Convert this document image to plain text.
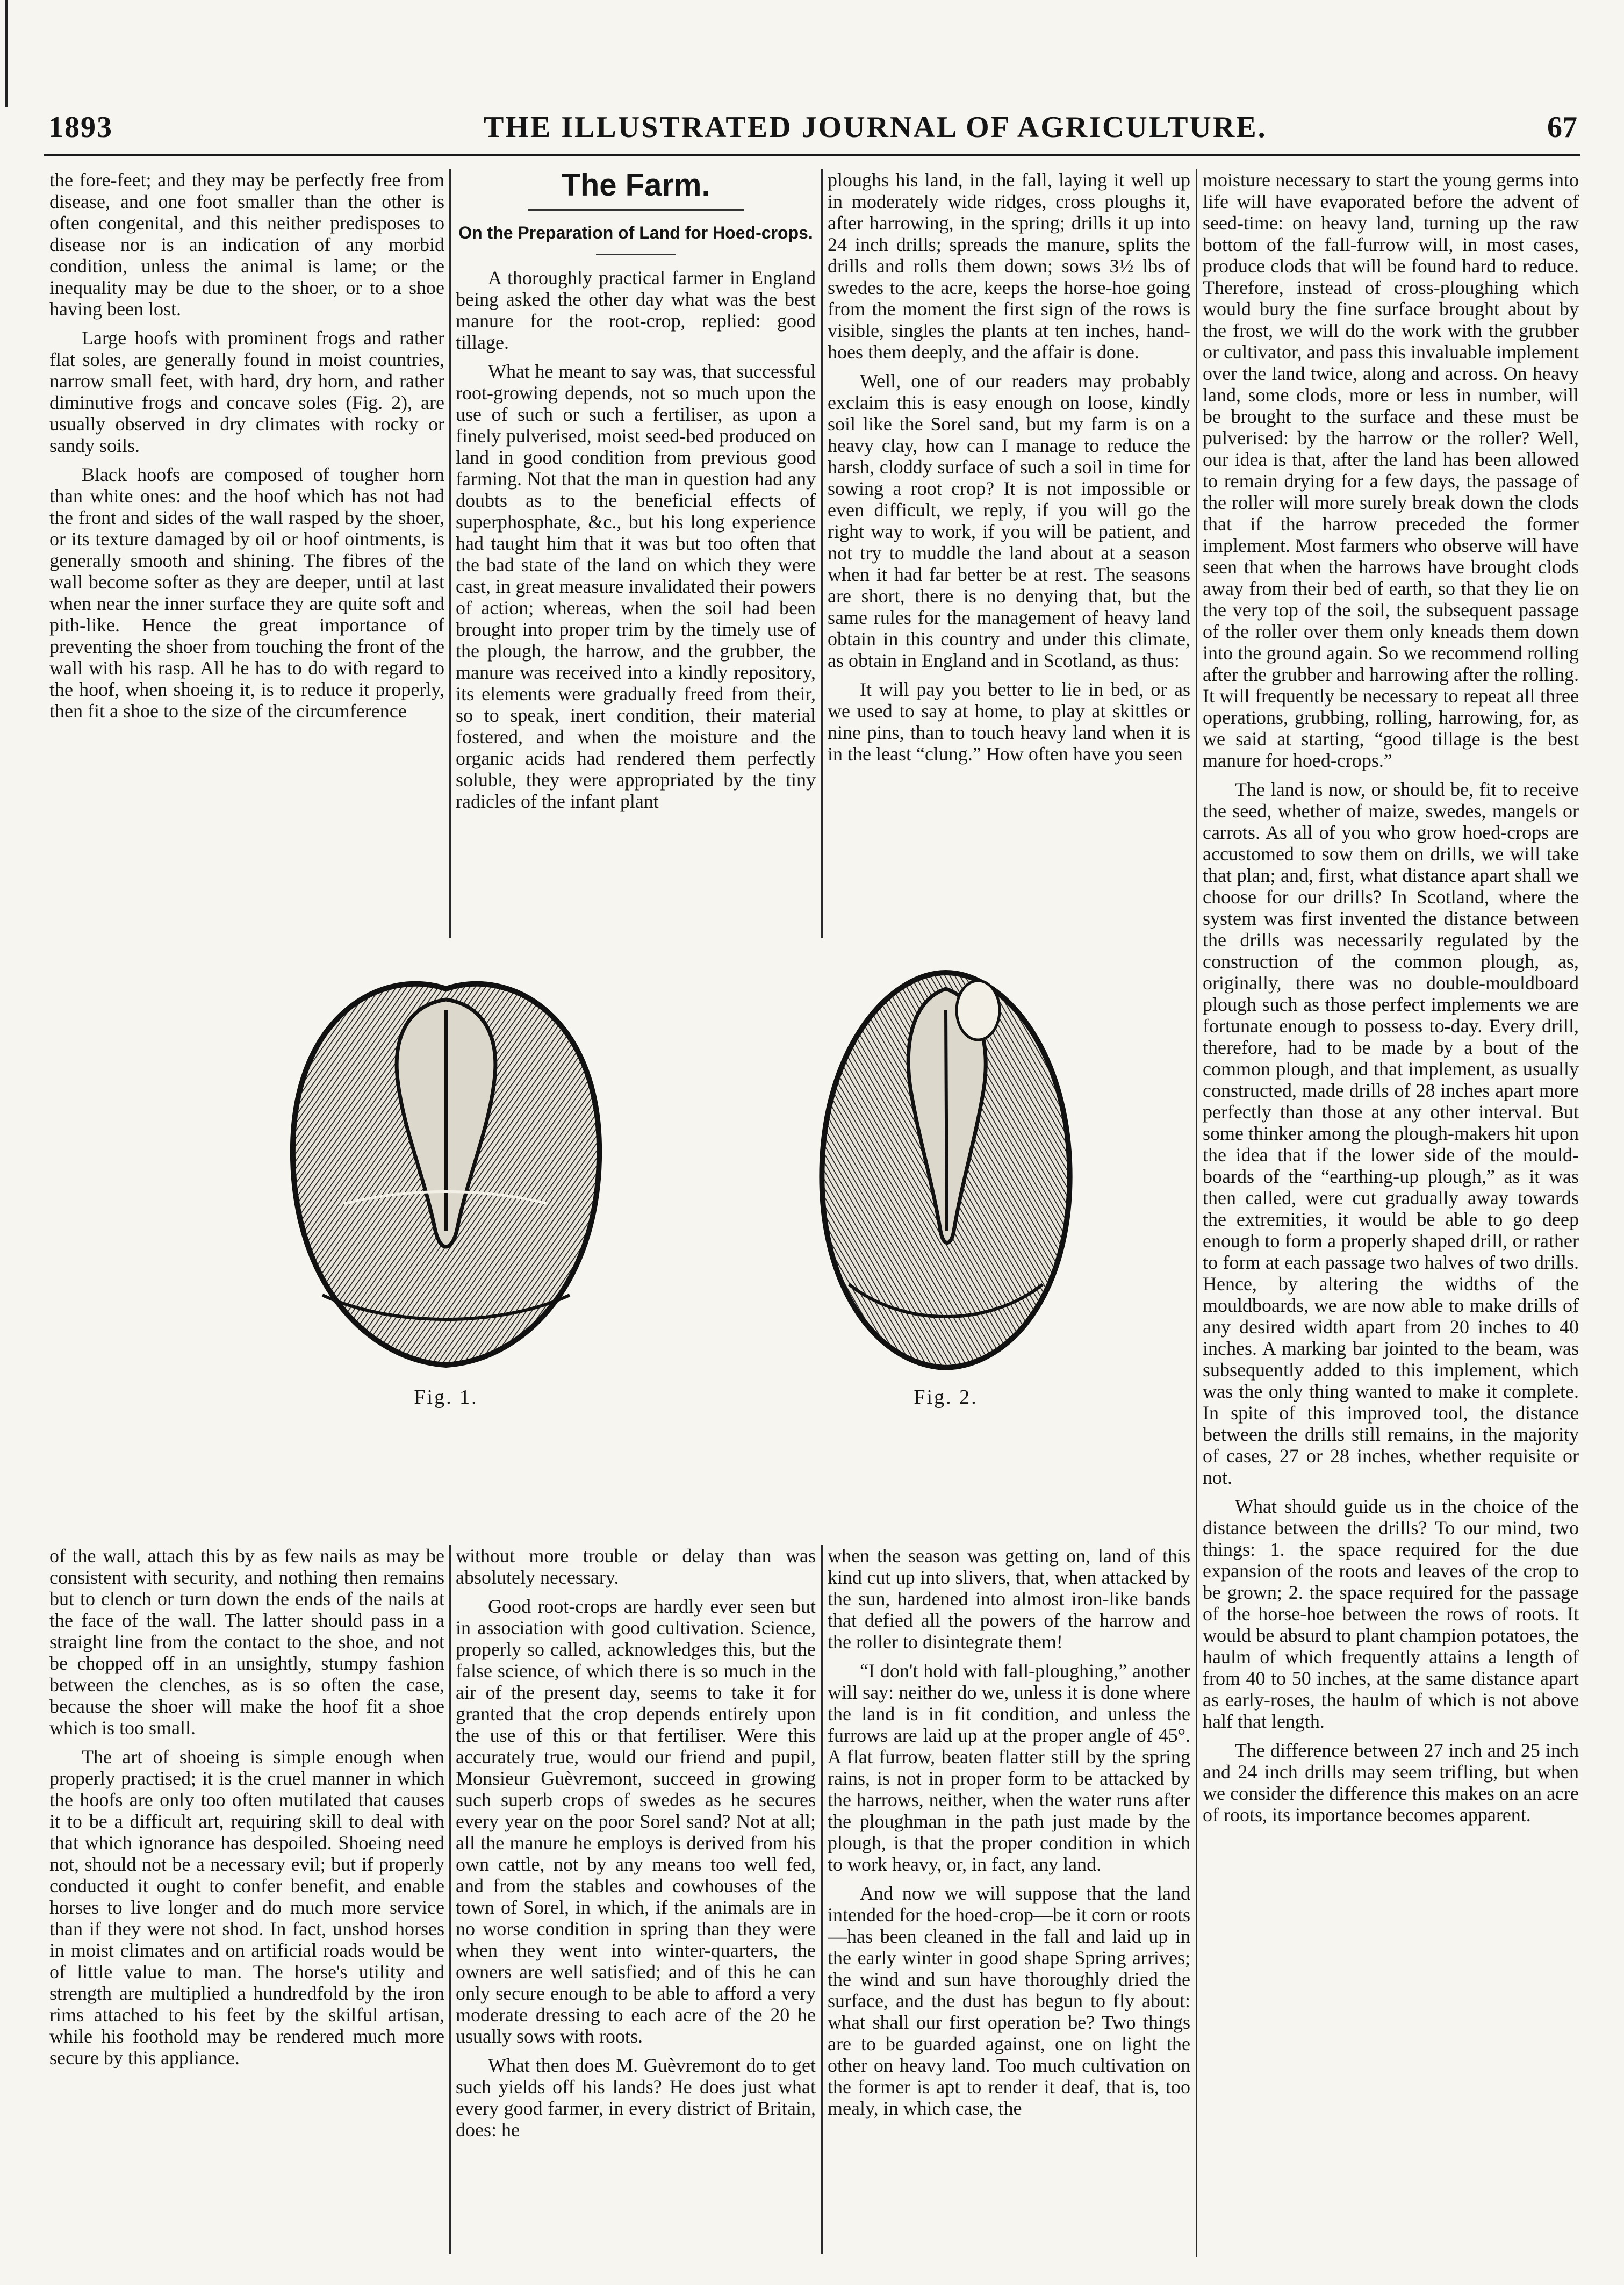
1893	THE ILLUSTRATED JOURNAL OF AGRICULTURE.	67

the fore-feet; and they may be perfectly free from disease, and one foot smaller than the other is often congenital, and this neither predisposes to disease nor is an indication of any morbid condition, unless the animal is lame; or the inequality may be due to the shoer, or to a shoe having been lost.

Large hoofs with prominent frogs and rather flat soles, are generally found in moist countries, narrow small feet, with hard, dry horn, and rather diminutive frogs and concave soles (Fig. 2), are usually observed in dry climates with rocky or sandy soils.

Black hoofs are composed of tougher horn than white ones: and the hoof which has not had the front and sides of the wall rasped by the shoer, or its texture damaged by oil or hoof ointments, is generally smooth and shining. The fibres of the wall become softer as they are deeper, until at last when near the inner surface they are quite soft and pith-like. Hence the great importance of preventing the shoer from touching the front of the wall with his rasp. All he has to do with regard to the hoof, when shoeing it, is to reduce it properly, then fit a shoe to the size of the circumference

The Farm.
On the Preparation of Land for Hoed-crops.

A thoroughly practical farmer in England being asked the other day what was the best manure for the root-crop, replied: good tillage.

What he meant to say was, that successful root-growing depends, not so much upon the use of such or such a fertiliser, as upon a finely pulverised, moist seed-bed produced on land in good condition from previous good farming. Not that the man in question had any doubts as to the beneficial effects of superphosphate, &c., but his long experience had taught him that it was but too often that the bad state of the land on which they were cast, in great measure invalidated their powers of action; whereas, when the soil had been brought into proper trim by the timely use of the plough, the harrow, and the grubber, the manure was received into a kindly repository, its elements were gradually freed from their, so to speak, inert condition, their material fostered, and when the moisture and the organic acids had rendered them perfectly soluble, they were appropriated by the tiny radicles of the infant plant

ploughs his land, in the fall, laying it well up in moderately wide ridges, cross ploughs it, after harrowing, in the spring; drills it up into 24 inch drills; spreads the manure, splits the drills and rolls them down; sows 3½ lbs of swedes to the acre, keeps the horse-hoe going from the moment the first sign of the rows is visible, singles the plants at ten inches, hand-hoes them deeply, and the affair is done.

Well, one of our readers may probably exclaim this is easy enough on loose, kindly soil like the Sorel sand, but my farm is on a heavy clay, how can I manage to reduce the harsh, cloddy surface of such a soil in time for sowing a root crop? It is not impossible or even difficult, we reply, if you will go the right way to work, if you will be patient, and not try to muddle the land about at a season when it had far better be at rest. The seasons are short, there is no denying that, but the same rules for the management of heavy land obtain in this country and under this climate, as obtain in England and in Scotland, as thus:

It will pay you better to lie in bed, or as we used to say at home, to play at skittles or nine pins, than to touch heavy land when it is in the least “clung.” How often have you seen

moisture necessary to start the young germs into life will have evaporated before the advent of seed-time: on heavy land, turning up the raw bottom of the fall-furrow will, in most cases, produce clods that will be found hard to reduce. Therefore, instead of cross-ploughing which would bury the fine surface brought about by the frost, we will do the work with the grubber or cultivator, and pass this invaluable implement over the land twice, along and across. On heavy land, some clods, more or less in number, will be brought to the surface and these must be pulverised: by the harrow or the roller? Well, our idea is that, after the land has been allowed to remain drying for a few days, the passage of the roller will more surely break down the clods that if the harrow preceded the former implement. Most farmers who observe will have seen that when the harrows have brought clods away from their bed of earth, so that they lie on the very top of the soil, the subsequent passage of the roller over them only kneads them down into the ground again. So we recommend rolling after the grubber and harrowing after the rolling. It will frequently be necessary to repeat all three operations, grubbing, rolling, harrowing, for, as we said at starting, “good tillage is the best manure for hoed-crops.”

The land is now, or should be, fit to receive the seed, whether of maize, swedes, mangels or carrots. As all of you who grow hoed-crops are accustomed to sow them on drills, we will take that plan; and, first, what distance apart shall we choose for our drills? In Scotland, where the system was first invented the distance between the drills was necessarily regulated by the construction of the common plough, as, originally, there was no double-mouldboard plough such as those perfect implements we are fortunate enough to possess to-day. Every drill, therefore, had to be made by a bout of the common plough, and that implement, as usually constructed, made drills of 28 inches apart more perfectly than those at any other interval. But some thinker among the plough-makers hit upon the idea that if the lower side of the mould-boards of the “earthing-up plough,” as it was then called, were cut gradually away towards the extremities, it would be able to go deep enough to form a properly shaped drill, or rather to form at each passage two halves of two drills. Hence, by altering the widths of the mouldboards, we are now able to make drills of any desired width apart from 20 inches to 40 inches. A marking bar jointed to the beam, was subsequently added to this implement, which was the only thing wanted to make it complete. In spite of this improved tool, the distance between the drills still remains, in the majority of cases, 27 or 28 inches, whether requisite or not.

What should guide us in the choice of the distance between the drills? To our mind, two things: 1. the space required for the due expansion of the roots and leaves of the crop to be grown; 2. the space required for the passage of the horse-hoe between the rows of roots. It would be absurd to plant champion potatoes, the haulm of which frequently attains a length of from 40 to 50 inches, at the same distance apart as early-roses, the haulm of which is not above half that length.

The difference between 27 inch and 25 inch and 24 inch drills may seem trifling, but when we consider the difference this makes on an acre of roots, its importance becomes apparent.

Fig. 1.	Fig. 2.

of the wall, attach this by as few nails as may be consistent with security, and nothing then remains but to clench or turn down the ends of the nails at the face of the wall. The latter should pass in a straight line from the contact to the shoe, and not be chopped off in an unsightly, stumpy fashion between the clenches, as is so often the case, because the shoer will make the hoof fit a shoe which is too small.

The art of shoeing is simple enough when properly practised; it is the cruel manner in which the hoofs are only too often mutilated that causes it to be a difficult art, requiring skill to deal with that which ignorance has despoiled. Shoeing need not, should not be a necessary evil; but if properly conducted it ought to confer benefit, and enable horses to live longer and do much more service than if they were not shod. In fact, unshod horses in moist climates and on artificial roads would be of little value to man. The horse's utility and strength are multiplied a hundredfold by the iron rims attached to his feet by the skilful artisan, while his foothold may be rendered much more secure by this appliance.

without more trouble or delay than was absolutely necessary.

Good root-crops are hardly ever seen but in association with good cultivation. Science, properly so called, acknowledges this, but the false science, of which there is so much in the air of the present day, seems to take it for granted that the crop depends entirely upon the use of this or that fertiliser. Were this accurately true, would our friend and pupil, Monsieur Guèvremont, succeed in growing such superb crops of swedes as he secures every year on the poor Sorel sand? Not at all; all the manure he employs is derived from his own cattle, not by any means too well fed, and from the stables and cowhouses of the town of Sorel, in which, if the animals are in no worse condition in spring than they were when they went into winter-quarters, the owners are well satisfied; and of this he can only secure enough to be able to afford a very moderate dressing to each acre of the 20 he usually sows with roots.

What then does M. Guèvremont do to get such yields off his lands? He does just what every good farmer, in every district of Britain, does: he

when the season was getting on, land of this kind cut up into slivers, that, when attacked by the sun, hardened into almost iron-like bands that defied all the powers of the harrow and the roller to disintegrate them!

“I don't hold with fall-ploughing,” another will say: neither do we, unless it is done where the land is in fit condition, and unless the furrows are laid up at the proper angle of 45°. A flat furrow, beaten flatter still by the spring rains, is not in proper form to be attacked by the harrows, neither, when the water runs after the ploughman in the path just made by the plough, is that the proper condition in which to work heavy, or, in fact, any land.

And now we will suppose that the land intended for the hoed-crop—be it corn or roots—has been cleaned in the fall and laid up in the early winter in good shape Spring arrives; the wind and sun have thoroughly dried the surface, and the dust has begun to fly about: what shall our first operation be? Two things are to be guarded against, one on light the other on heavy land. Too much cultivation on the former is apt to render it deaf, that is, too mealy, in which case, the
